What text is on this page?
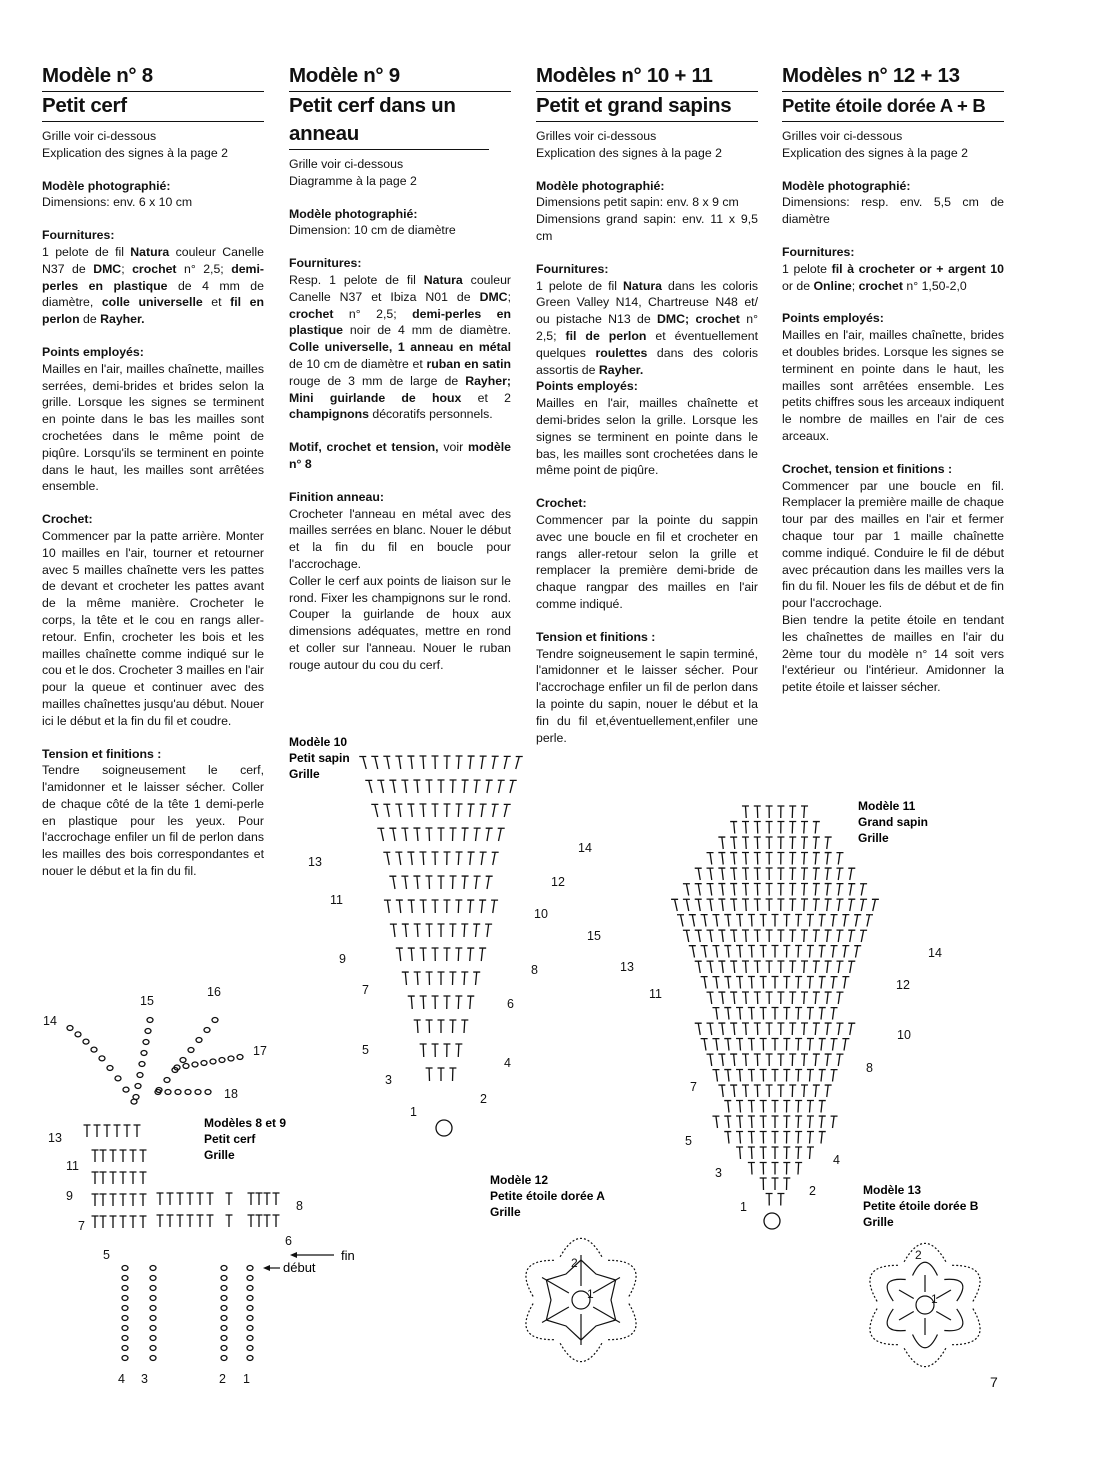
Modèle n° 8
Petit cerf

Grille voir ci-dessous

Explication des signes à la page 2

Modèle photographié:

Dimensions: env. 6 x 10 cm

Fournitures:

1 pelote de fil Natura couleur Canelle N37 de DMC; crochet n° 2,5; demi-perles en plastique de 4 mm de diamètre, colle universelle et fil en perlon de Rayher.

Points employés:

Mailles en l'air, mailles chaînette, mailles serrées, demi-brides et brides selon la grille. Lorsque les signes se terminent en pointe dans le bas les mailles sont crochetées dans le même point de piqûre. Lorsqu'ils se terminent en pointe dans le haut, les mailles sont arrêtées ensemble.

Crochet:

Commencer par la patte arrière. Monter 10 mailles en l'air, tourner et retourner avec 5 mailles chaînette vers les pattes de devant et crocheter les pattes avant de la même manière. Crocheter le corps, la tête et le cou en rangs aller-retour. Enfin, crocheter les bois et les mailles chaînette comme indiqué sur le cou et le dos. Crocheter 3 mailles en l'air pour la queue et continuer avec des mailles chaînettes jusqu'au début. Nouer ici le début et la fin du fil et coudre.

Tension et finitions :

Tendre soigneusement le cerf, l'amidonner et le laisser sécher. Coller de chaque côté de la tête 1 demi-perle en plastique pour les yeux. Pour l'accrochage enfiler un fil de perlon dans les mailles des bois correspondantes et nouer le début et la fin du fil.

Modèle n° 9
Petit cerf dans un anneau

Grille voir ci-dessous

Diagramme à la page 2

Modèle photographié:

Dimension: 10 cm de diamètre

Fournitures:

Resp. 1 pelote de fil Natura couleur Canelle N37 et Ibiza N01 de DMC; crochet n° 2,5; demi-perles en plastique noir de 4 mm de diamètre. Colle universelle, 1 anneau en métal de 10 cm de diamètre et ruban en satin rouge de 3 mm de large de Rayher; Mini guirlande de houx et 2 champignons décoratifs personnels.

Motif, crochet et tension, voir modèle n° 8

Finition anneau:

Crocheter l'anneau en métal avec des mailles serrées en blanc. Nouer le début et la fin du fil en boucle pour l'accrochage.

Coller le cerf aux points de liaison sur le rond. Fixer les champignons sur le rond. Couper la guirlande de houx aux dimensions adéquates, mettre en rond et coller sur l'anneau. Nouer le ruban rouge autour du cou du cerf.

Modèles n° 10 + 11
Petit et grand sapins

Grilles voir ci-dessous

Explication des signes à la page 2

Modèle photographié:

Dimensions petit sapin: env. 8 x 9 cm

Dimensions grand sapin: env. 11 x 9,5 cm

Fournitures:

1 pelote de fil Natura dans les coloris Green Valley N14, Chartreuse N48 et/ ou pistache N13 de DMC; crochet n° 2,5; fil de perlon et éventuellement quelques roulettes dans des coloris assortis de Rayher.

Points employés:

Mailles en l'air, mailles chaînette et demi-brides selon la grille. Lorsque les signes se terminent en pointe dans le bas, les mailles sont crochetées dans le même point de piqûre.

Crochet:

Commencer par la pointe du sappin avec une boucle en fil et crocheter en rangs aller-retour selon la grille et remplacer la première demi-bride de chaque rangpar des mailles en l'air comme indiqué.

Tension et finitions :

Tendre soigneusement le sapin terminé, l'amidonner et le laisser sécher. Pour l'accrochage enfiler un fil de perlon dans la pointe du sapin, nouer le début et la fin du fil et,éventuellement,enfiler une perle.

Modèles n° 12 + 13
Petite étoile dorée A + B

Grilles voir ci-dessous

Explication des signes à la page 2

Modèle photographié:

Dimensions: resp. env. 5,5 cm de diamètre

Fournitures:

1 pelote fil à crocheter or + argent 10 or de Online; crochet n° 1,50-2,0

Points employés:

Mailles en l'air, mailles chaînette, brides et doubles brides. Lorsque les signes se terminent en pointe dans le haut, les mailles sont arrêtées ensemble. Les petits chiffres sous les arceaux indiquent le nombre de mailles en l'air de ces arceaux.

Crochet, tension et finitions :

Commencer par une boucle en fil. Remplacer la première maille de chaque tour par des mailles en l'air et fermer chaque tour par 1 maille chaînette comme indiqué. Conduire le fil de début avec précaution dans les mailles vers la fin du fil. Nouer les fils de début et de fin pour l'accrochage.

Bien tendre la petite étoile en tendant les chaînettes de mailles en l'air du 2ème tour du modèle n° 14 soit vers l'extérieur ou l'intérieur. Amidonner la petite étoile et laisser sécher.

Modèle 10
Petit sapin
Grille
Modèle 11
Grand sapin
Grille
Modèles 8 et 9
Petit cerf
Grille
Modèle 12
Petite étoile dorée A
Grille
Modèle 13
Petite étoile dorée B
Grille
14
13
12
11
10
9
8
7
6
5
4
3
2
1
15
14
13
12
11
10
8
7
5
4
3
2
1
13
11
9
7
5
8
6
4 3	2 1
14
15
16
17
18
2
1
2
1
fin
début
7
